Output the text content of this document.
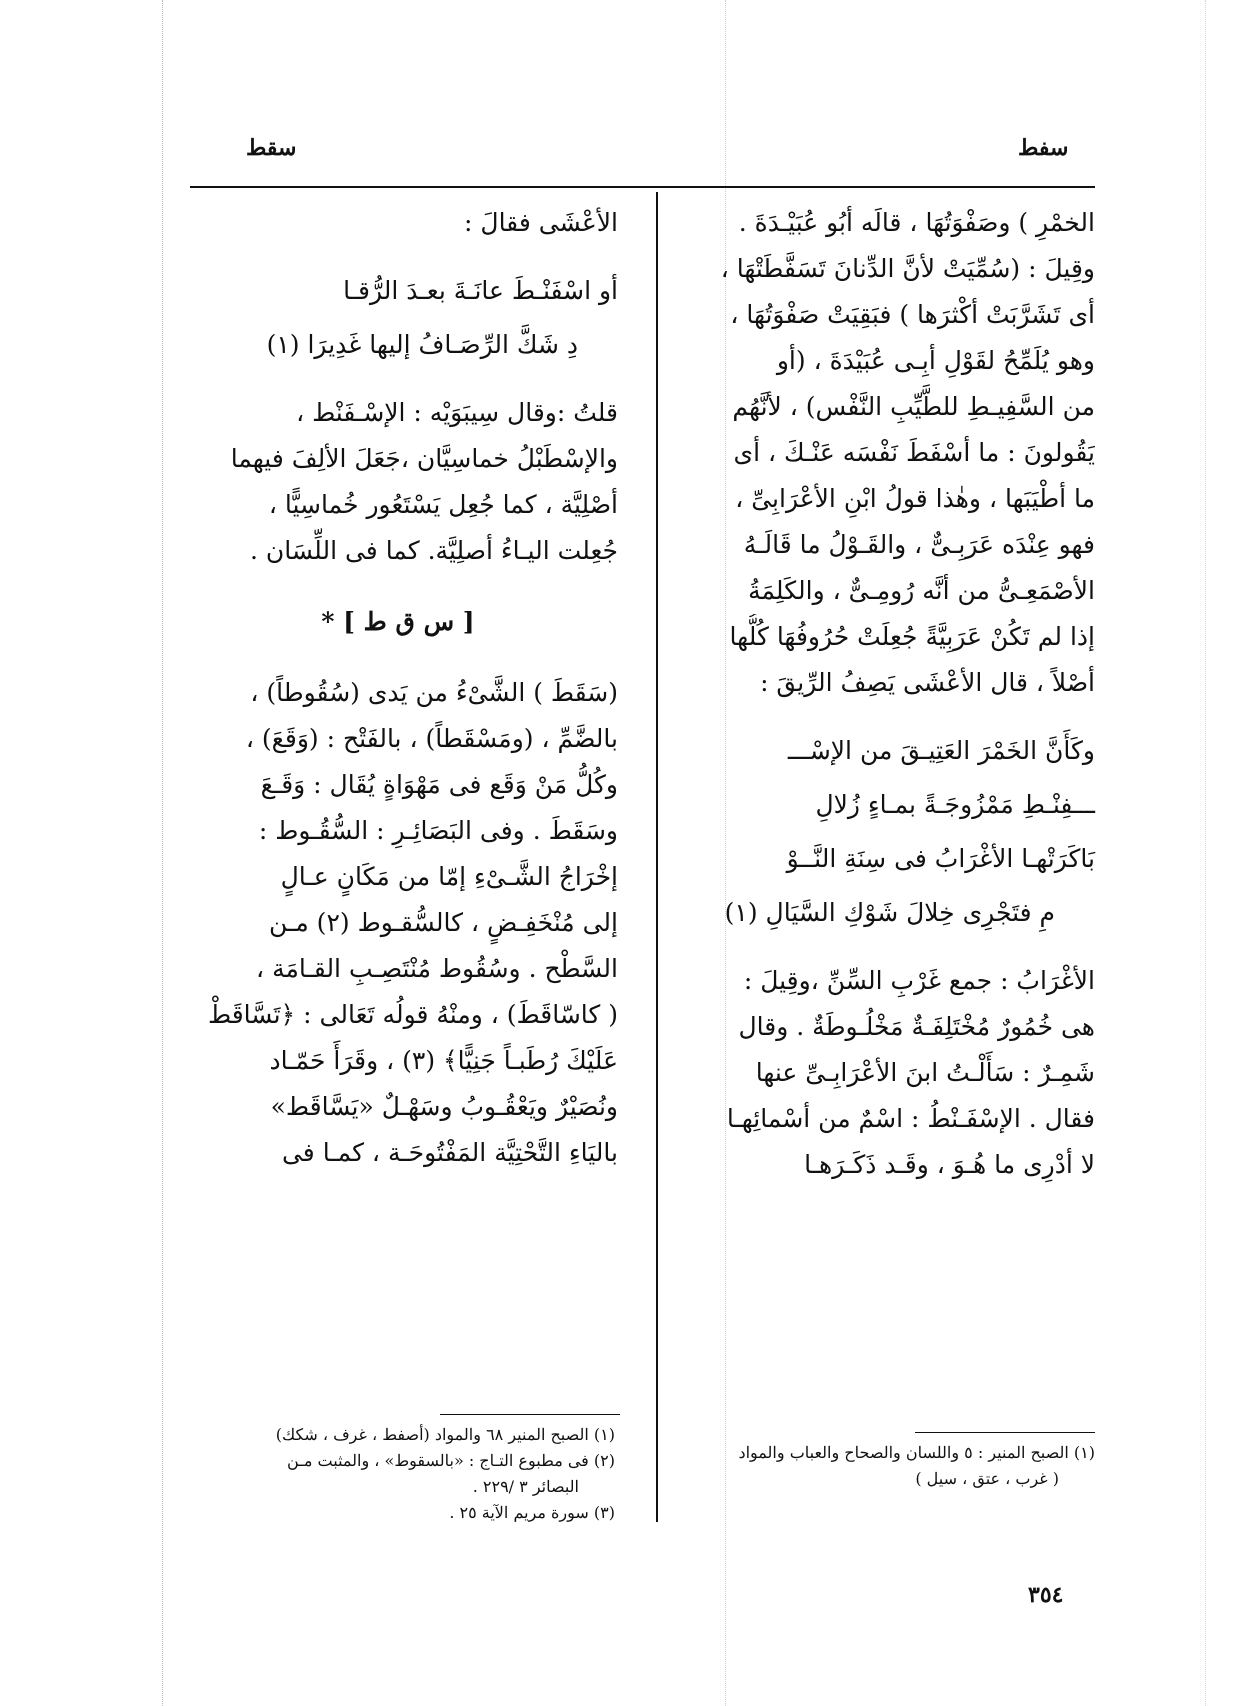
سقط	سفط
الخمْرِ ) وصَفْوَتُهَا ، قالَه أبُو عُبَيْـدَةَ .
وقِيلَ : (سُمِّيَتْ لأنَّ الدِّنانَ تَسَفَّطَتْهَا ،
أى تَشَرَّبَتْ أكْثرَها ) فبَقِيَتْ صَفْوَتُهَا ،
وهو يُلَمِّحُ لقَوْلِ أبِـى عُبَيْدَةَ ، (أو
من السَّفِيـطِ للطَّيِّبِ النَّفْس) ، لأنَّهُم
يَقُولونَ : ما أسْفَطَ نَفْسَه عَنْـكَ ، أى
ما أطْيَبَها ، وهٰذا قولُ ابْنِ الأعْرَابِىِّ ،
فهو عِنْدَه عَرَبِـىٌّ ، والقَـوْلُ ما قَالَـهُ
الأصْمَعِـىُّ من أنَّه رُومِـىٌّ ، والكَلِمَةُ
إذا لم تَكُنْ عَرَبِيَّةً جُعِلَتْ حُرُوفُهَا كُلُّها
أصْلاً ، قال الأعْشَى يَصِفُ الرِّيقَ :
وكَأَنَّ الخَمْرَ العَتِيـقَ من الإسْـــ
ـــفِنْـطِ مَمْزُوجَـةً بمـاءٍ زُلالِ
بَاكَرَتْهـا الأغْرَابُ فى سِنَةِ النَّــوْ
مِ فتَجْرِى خِلالَ شَوْكِ السَّيَالِ (١)
الأغْرَابُ : جمع غَرْبِ السِّنِّ ،وقِيلَ :
هى خُمُورٌ مُخْتَلِفَـةٌ مَخْلُـوطَةٌ . وقال
شَمِـرٌ : سَأَلْـتُ ابنَ الأعْرَابِـىِّ عنها
فقال . الإسْفَـنْطُ : اسْمٌ من أسْمائِهـا
لا أدْرِى ما هُـوَ ، وقَـد ذَكَـرَهـا
الأعْشَى فقالَ :
أو اسْفَنْـطَ عانَـةَ بعـدَ الرُّقـا
دِ شَكَّ الرِّصَـافُ إليها غَدِيرَا (١)
قلتُ :وقال سِيبَوَيْه : الإسْـفَنْط ،
والإسْطَبْلُ خماسِيَّان ،جَعَلَ الألِفَ فيهما
أصْلِيَّة ، كما جُعِل يَسْتَعُور خُماسِيًّا ،
جُعِلت اليـاءُ أصلِيَّة. كما فى اللِّسَان .
[ س ق ط ] *
(سَقَطَ ) الشَّىْءُ من يَدى (سُقُوطاً) ،
بالضَّمِّ ، (ومَسْقَطاً) ، بالفَتْح : (وَقَعَ) ،
وكُلُّ مَنْ وَقَع فى مَهْوَاةٍ يُقَال : وَقَـعَ
وسَقَطَ . وفى البَصَائِـرِ : السُّقُـوط :
إخْرَاجُ الشَّـىْءِ إمّا من مَكَانٍ عـالٍ
إلى مُنْخَفِـضٍ ، كالسُّقـوط (٢) مـن
السَّطْح . وسُقُوط مُنْتَصِـبِ القـامَة ،
( كاسّاقَطَ) ، ومنْهُ قولُه تَعَالى : ﴿تَسَّاقَطْ
عَلَيْكَ رُطَبـاً جَنِيًّا﴾ (٣) ، وقَرَأَ حَمّـاد
ونُصَيْرٌ ويَعْقُـوبُ وسَهْـلٌ «يَسَّاقَط»
باليَاءِ التَّحْتِيَّة المَفْتُوحَـة ، كمـا فى
(١) الصبح المنير : ٥ واللسان والصحاح والعباب والمواد
( غرب ، عتق ، سيل )
(١) الصبح المنير ٦٨ والمواد (أصفط ، غرف ، شكك)
(٢) فى مطبوع التـاج : «بالسقوط» ، والمثبت مـن
البصائر ٣ /٢٢٩ .
(٣) سورة مريم الآية ٢٥ .
٣٥٤
